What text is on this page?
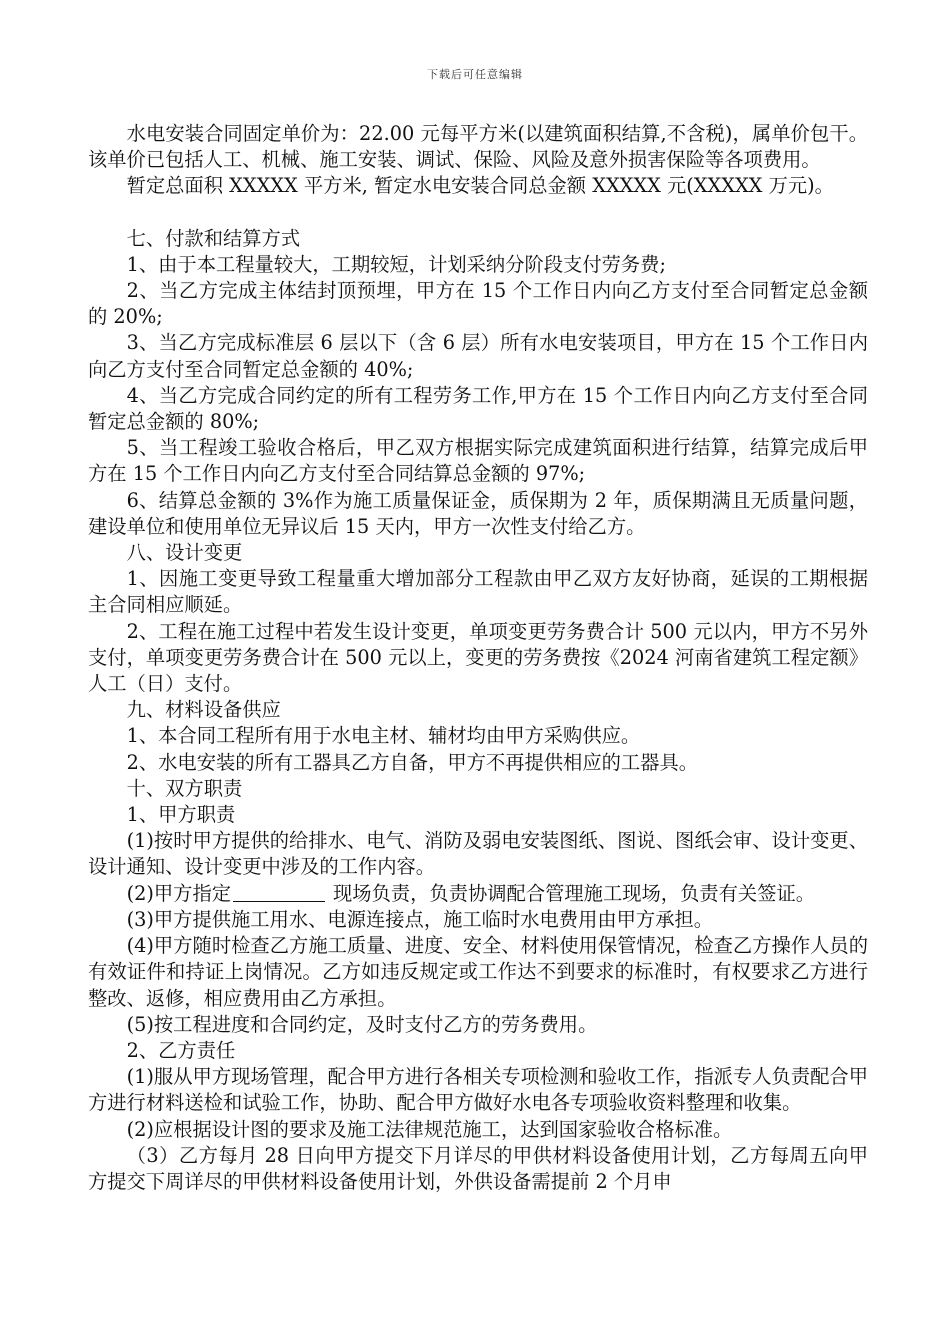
下载后可任意编辑

水电安装合同固定单价为：22.00 元每平方米(以建筑面积结算,不含税)，属单价包干。该单价已包括人工、机械、施工安装、调试、保险、风险及意外损害保险等各项费用。

暂定总面积 XXXXX 平方米, 暂定水电安装合同总金额 XXXXX 元(XXXXX 万元)。

七、付款和结算方式

1、由于本工程量较大，工期较短，计划采纳分阶段支付劳务费;

2、当乙方完成主体结封顶预埋，甲方在 15 个工作日内向乙方支付至合同暂定总金额的 20%;

3、当乙方完成标准层 6 层以下（含 6 层）所有水电安装项目，甲方在 15 个工作日内向乙方支付至合同暂定总金额的 40%;

4、当乙方完成合同约定的所有工程劳务工作,甲方在 15 个工作日内向乙方支付至合同暂定总金额的 80%;

5、当工程竣工验收合格后，甲乙双方根据实际完成建筑面积进行结算，结算完成后甲方在 15 个工作日内向乙方支付至合同结算总金额的 97%;

6、结算总金额的 3%作为施工质量保证金，质保期为 2 年，质保期满且无质量问题，建设单位和使用单位无异议后 15 天内，甲方一次性支付给乙方。

八、设计变更

1、因施工变更导致工程量重大增加部分工程款由甲乙双方友好协商，延误的工期根据主合同相应顺延。

2、工程在施工过程中若发生设计变更，单项变更劳务费合计 500 元以内，甲方不另外支付，单项变更劳务费合计在 500 元以上，变更的劳务费按《2024 河南省建筑工程定额》人工（日）支付。

九、材料设备供应

1、本合同工程所有用于水电主材、辅材均由甲方采购供应。

2、水电安装的所有工器具乙方自备，甲方不再提供相应的工器具。

十、双方职责

1、甲方职责

(1)按时甲方提供的给排水、电气、消防及弱电安装图纸、图说、图纸会审、设计变更、设计通知、设计变更中涉及的工作内容。

(2)甲方指定	现场负责，负责协调配合管理施工现场，负责有关签证。

(3)甲方提供施工用水、电源连接点，施工临时水电费用由甲方承担。

(4)甲方随时检查乙方施工质量、进度、安全、材料使用保管情况，检查乙方操作人员的有效证件和持证上岗情况。乙方如违反规定或工作达不到要求的标准时，有权要求乙方进行整改、返修，相应费用由乙方承担。

(5)按工程进度和合同约定，及时支付乙方的劳务费用。

2、乙方责任

(1)服从甲方现场管理，配合甲方进行各相关专项检测和验收工作，指派专人负责配合甲方进行材料送检和试验工作，协助、配合甲方做好水电各专项验收资料整理和收集。

(2)应根据设计图的要求及施工法律规范施工，达到国家验收合格标准。

（3）乙方每月 28 日向甲方提交下月详尽的甲供材料设备使用计划，乙方每周五向甲方提交下周详尽的甲供材料设备使用计划，外供设备需提前 2 个月申
